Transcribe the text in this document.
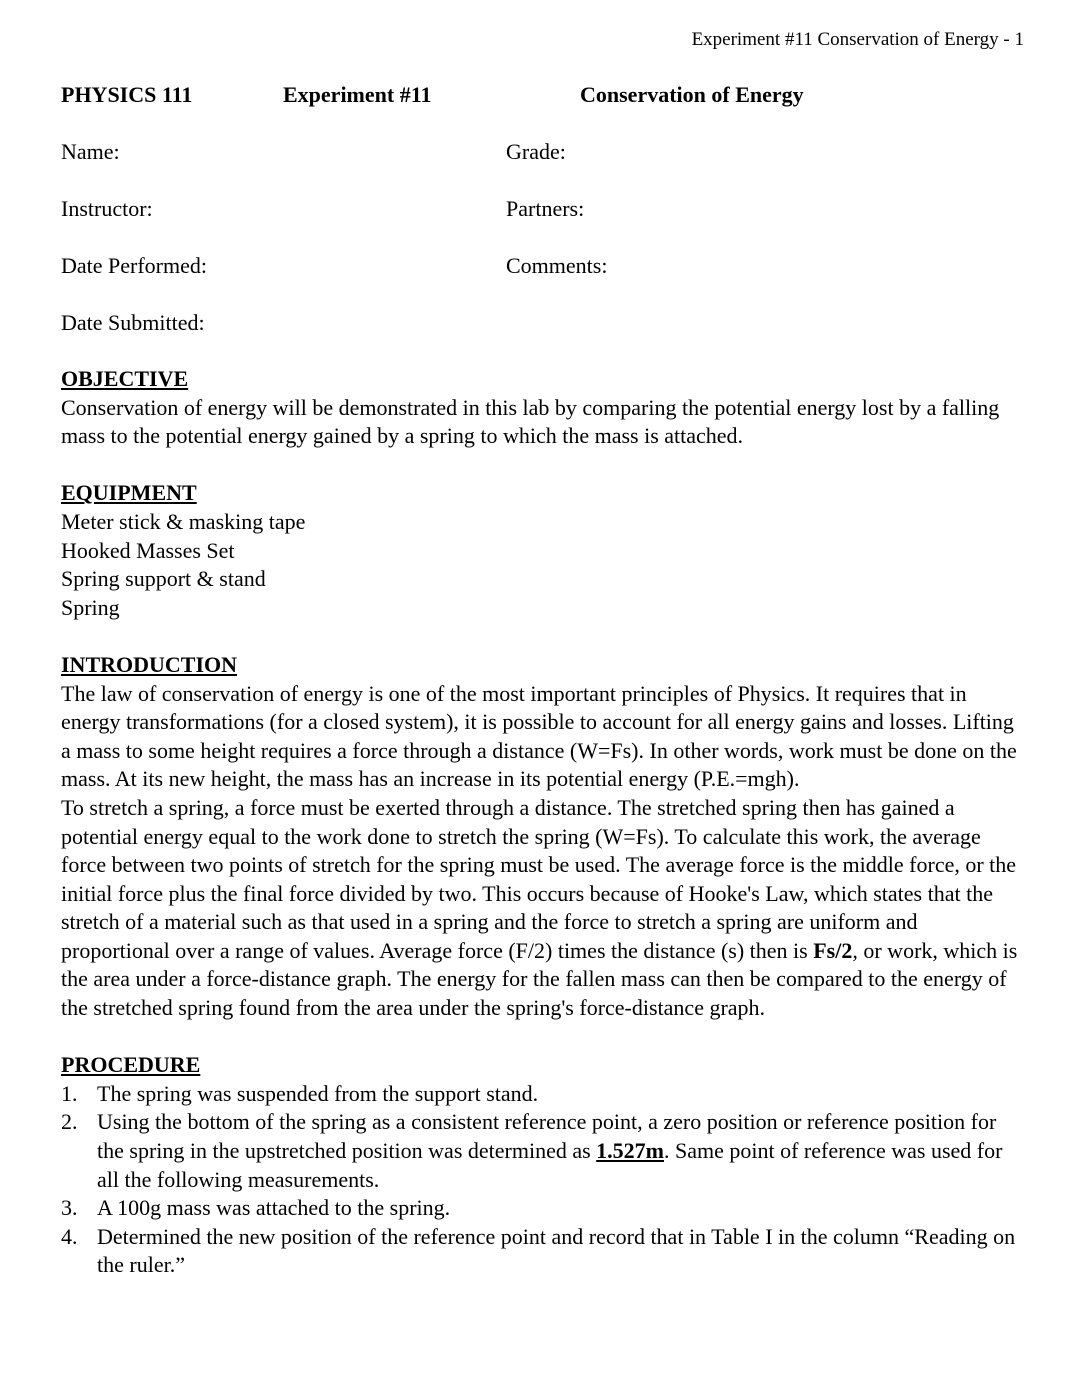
Experiment #11 Conservation of Energy - 1
PHYSICS 111	Experiment #11	Conservation of Energy
Name:	Grade:
Instructor:	Partners:
Date Performed:	Comments:
Date Submitted:
OBJECTIVE

Conservation of energy will be demonstrated in this lab by comparing the potential energy lost by a falling mass to the potential energy gained by a spring to which the mass is attached.

EQUIPMENT
Meter stick & masking tape
Hooked Masses Set
Spring support & stand
Spring
INTRODUCTION

The law of conservation of energy is one of the most important principles of Physics. It requires that in energy transformations (for a closed system), it is possible to account for all energy gains and losses. Lifting a mass to some height requires a force through a distance (W=Fs). In other words, work must be done on the mass. At its new height, the mass has an increase in its potential energy (P.E.=mgh).

To stretch a spring, a force must be exerted through a distance. The stretched spring then has gained a potential energy equal to the work done to stretch the spring (W=Fs). To calculate this work, the average force between two points of stretch for the spring must be used. The average force is the middle force, or the initial force plus the final force divided by two. This occurs because of Hooke's Law, which states that the stretch of a material such as that used in a spring and the force to stretch a spring are uniform and proportional over a range of values. Average force (F/2) times the distance (s) then is Fs/2, or work, which is the area under a force-distance graph. The energy for the fallen mass can then be compared to the energy of the stretched spring found from the area under the spring's force-distance graph.

PROCEDURE
1. The spring was suspended from the support stand.
2. Using the bottom of the spring as a consistent reference point, a zero position or reference position for the spring in the upstretched position was determined as 1.527m. Same point of reference was used for all the following measurements.
3. A 100g mass was attached to the spring.
4. Determined the new position of the reference point and record that in Table I in the column “Reading on the ruler.”
